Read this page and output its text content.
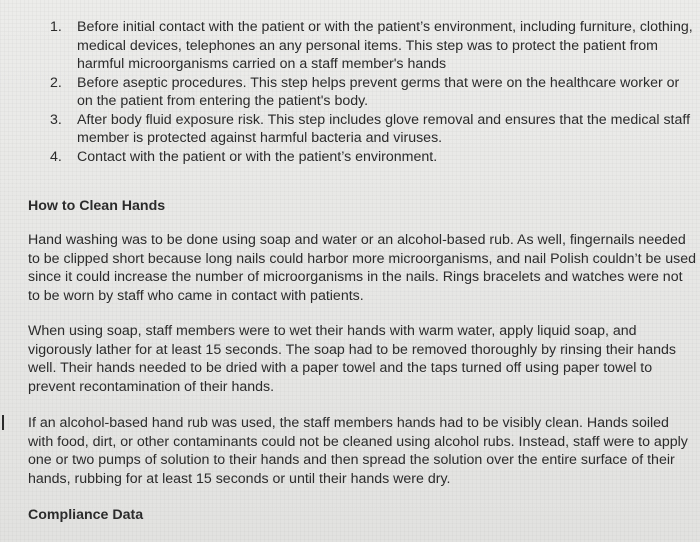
1. Before initial contact with the patient or with the patient’s environment, including furniture, clothing, medical devices, telephones an any personal items. This step was to protect the patient from harmful microorganisms carried on a staff member's hands
2. Before aseptic procedures. This step helps prevent germs that were on the healthcare worker or on the patient from entering the patient's body.
3. After body fluid exposure risk. This step includes glove removal and ensures that the medical staff member is protected against harmful bacteria and viruses.
4. Contact with the patient or with the patient’s environment.
How to Clean Hands

Hand washing was to be done using soap and water or an alcohol-based rub. As well, fingernails needed to be clipped short because long nails could harbor more microorganisms, and nail Polish couldn’t be used since it could increase the number of microorganisms in the nails. Rings bracelets and watches were not to be worn by staff who came in contact with patients.

When using soap, staff members were to wet their hands with warm water, apply liquid soap, and vigorously lather for at least 15 seconds. The soap had to be removed thoroughly by rinsing their hands well. Their hands needed to be dried with a paper towel and the taps turned off using paper towel to prevent recontamination of their hands.

If an alcohol-based hand rub was used, the staff members hands had to be visibly clean. Hands soiled with food, dirt, or other contaminants could not be cleaned using alcohol rubs. Instead, staff were to apply one or two pumps of solution to their hands and then spread the solution over the entire surface of their hands, rubbing for at least 15 seconds or until their hands were dry.

Compliance Data
